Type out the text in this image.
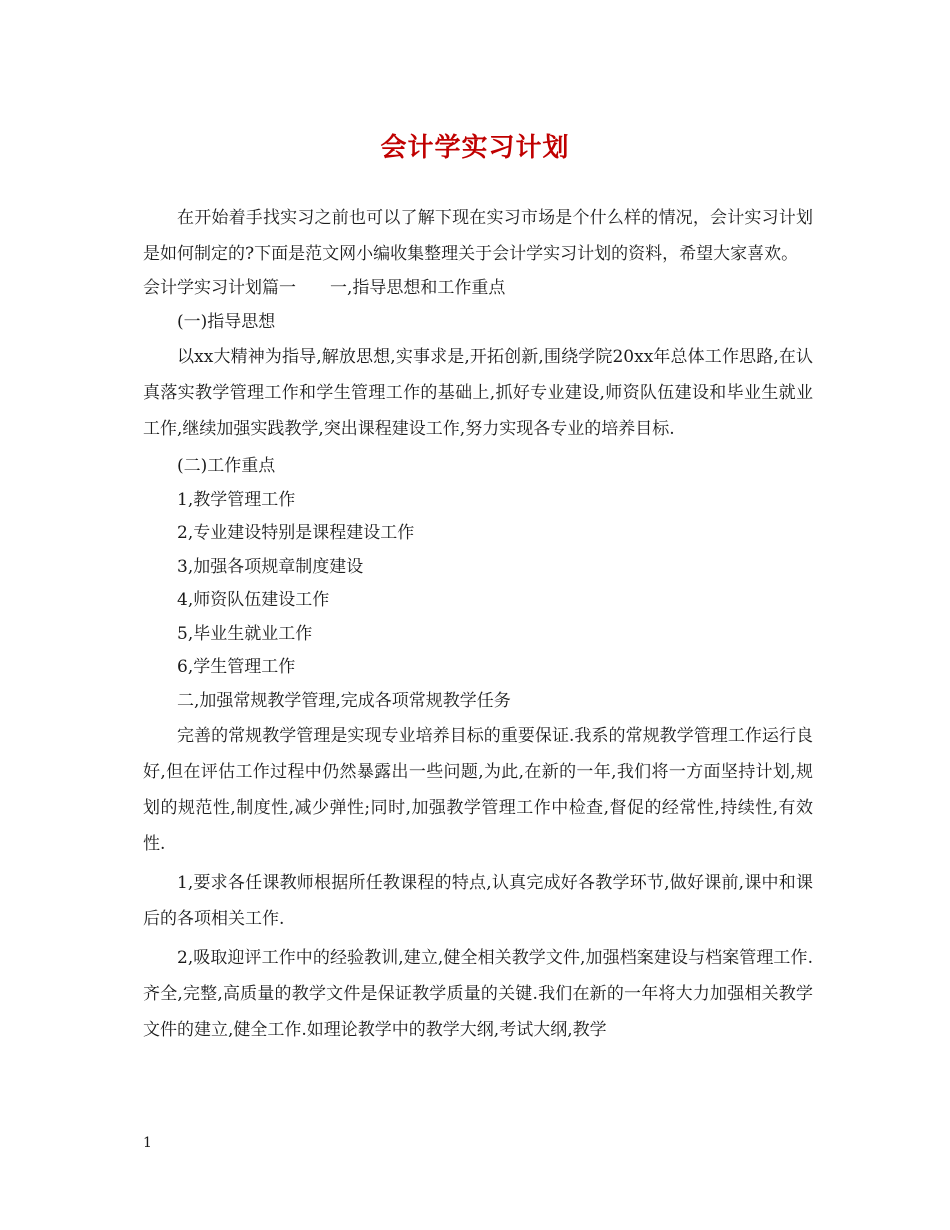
会计学实习计划

在开始着手找实习之前也可以了解下现在实习市场是个什么样的情况，会计实习计划是如何制定的?下面是范文网小编收集整理关于会计学实习计划的资料，希望大家喜欢。

会计学实习计划篇一　　一,指导思想和工作重点

(一)指导思想

以xx大精神为指导,解放思想,实事求是,开拓创新,围绕学院20xx年总体工作思路,在认真落实教学管理工作和学生管理工作的基础上,抓好专业建设,师资队伍建设和毕业生就业工作,继续加强实践教学,突出课程建设工作,努力实现各专业的培养目标.

(二)工作重点

1,教学管理工作

2,专业建设特别是课程建设工作

3,加强各项规章制度建设

4,师资队伍建设工作

5,毕业生就业工作

6,学生管理工作

二,加强常规教学管理,完成各项常规教学任务

完善的常规教学管理是实现专业培养目标的重要保证.我系的常规教学管理工作运行良好,但在评估工作过程中仍然暴露出一些问题,为此,在新的一年,我们将一方面坚持计划,规划的规范性,制度性,减少弹性;同时,加强教学管理工作中检查,督促的经常性,持续性,有效性.

1,要求各任课教师根据所任教课程的特点,认真完成好各教学环节,做好课前,课中和课后的各项相关工作.

2,吸取迎评工作中的经验教训,建立,健全相关教学文件,加强档案建设与档案管理工作.齐全,完整,高质量的教学文件是保证教学质量的关键.我们在新的一年将大力加强相关教学文件的建立,健全工作.如理论教学中的教学大纲,考试大纲,教学

1
